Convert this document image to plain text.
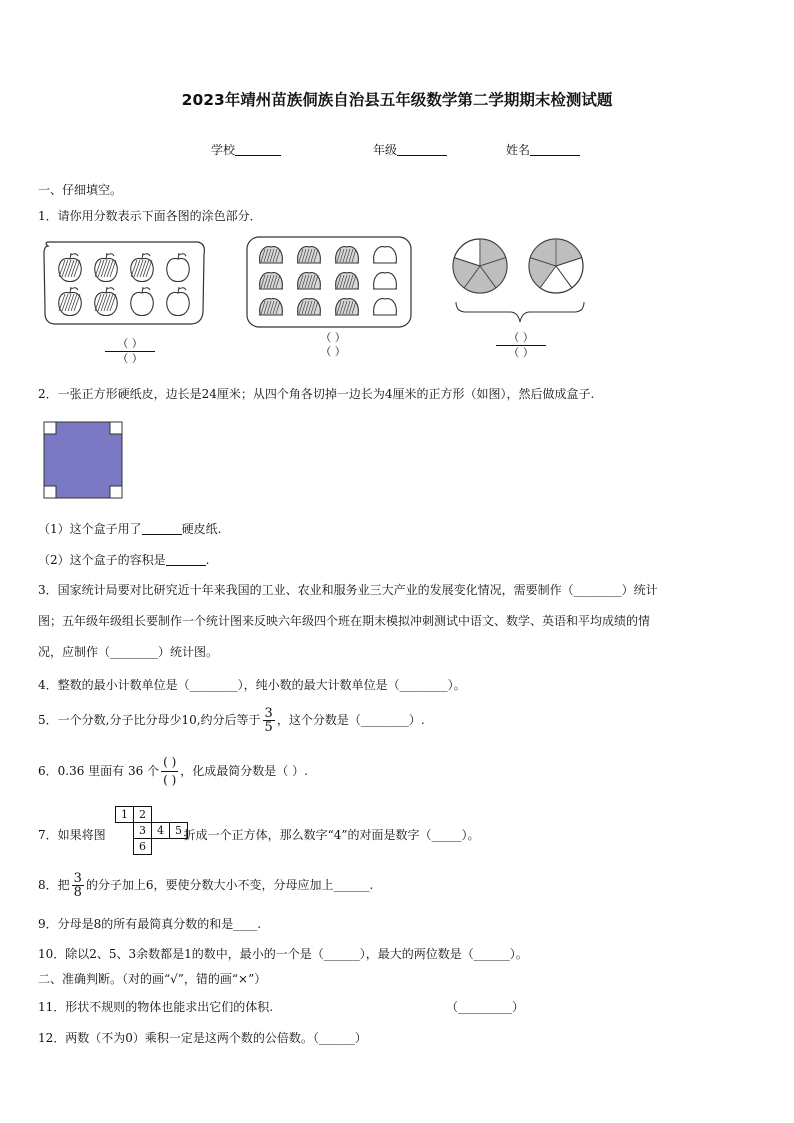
2023年靖州苗族侗族自治县五年级数学第二学期期末检测试题
学校	年级	姓名
一、仔细填空。
1．请你用分数表示下面各图的涂色部分．
（ ）
（ ）
（ ）
（ ）
（ ）
（ ）
2．一张正方形硬纸皮，边长是24厘米；从四个角各切掉一边长为4厘米的正方形（如图），然后做成盒子.
（1）这个盒子用了	硬皮纸.
（2）这个盒子的容积是	.
3．国家统计局要对比研究近十年来我国的工业、农业和服务业三大产业的发展变化情况，需要制作（________）统计
图；五年级年级组长要制作一个统计图来反映六年级四个班在期末模拟冲刺测试中语文、数学、英语和平均成绩的情
况，应制作（________）统计图。
4．整数的最小计数单位是（________），纯小数的最大计数单位是（________）。
5．一个分数,分子比分母少10,约分后等于 $\frac{3}{5}$ ，这个分数是（________）.
6．0.36 里面有 36 个 $\frac{( )}{( )}$ ，化成最简分数是（ ）.
7．如果将图	折成一个正方体，那么数字“4”的对面是数字（_____）。
1	2
3	4	5
6
8．把 $\frac{3}{8}$ 的分子加上6，要使分数大小不变，分母应加上______.
9．分母是8的所有最简真分数的和是____.
10．除以2、5、3余数都是1的数中，最小的一个是（______），最大的两位数是（______）。
二、准确判断。（对的画“√”，错的画“×”）
11．形状不规则的物体也能求出它们的体积.	（_________）
12．两数（不为0）乘积一定是这两个数的公倍数。（______）
